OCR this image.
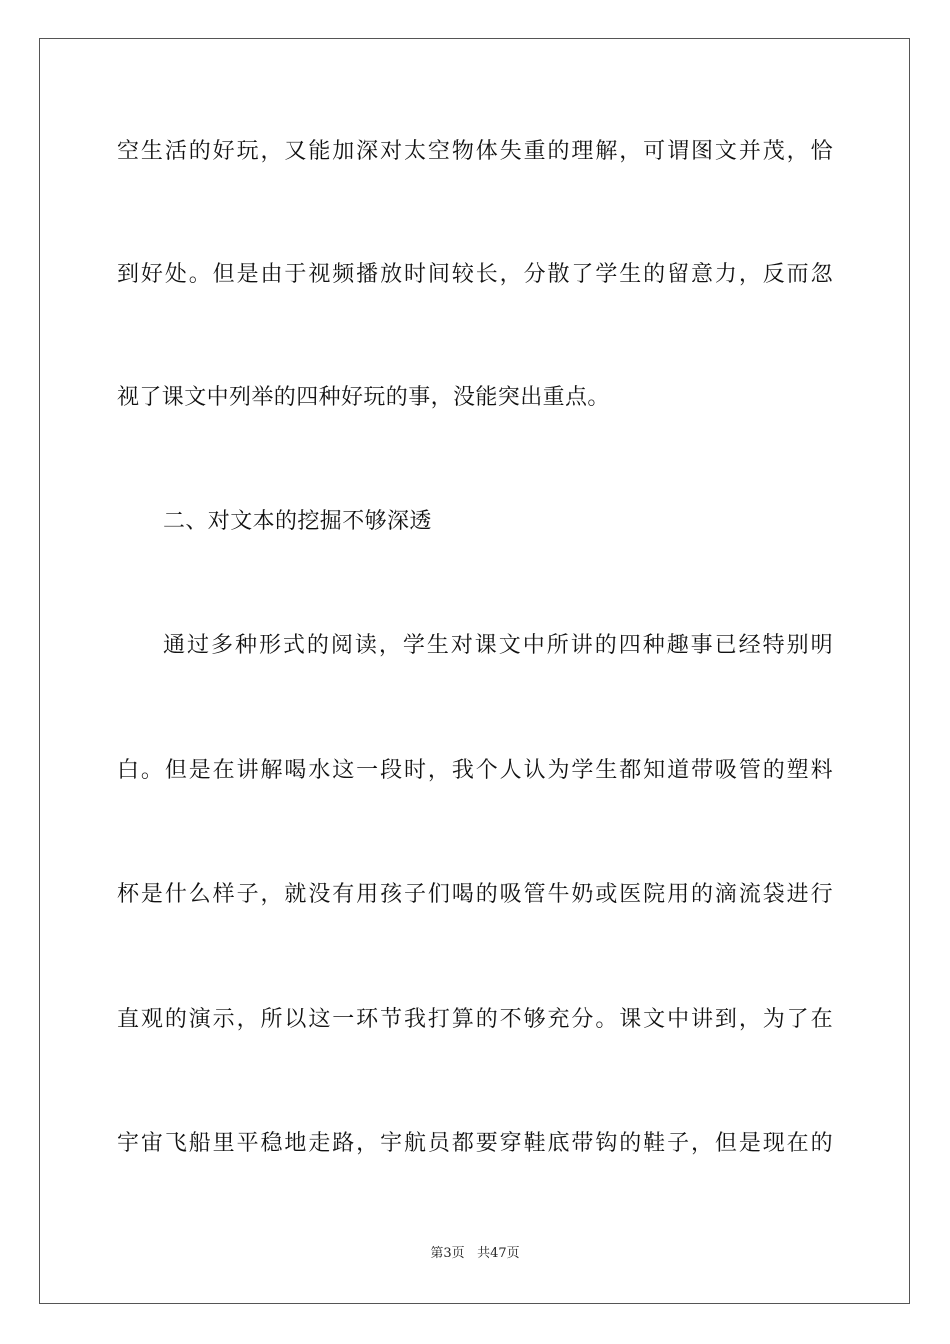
空生活的好玩，又能加深对太空物体失重的理解，可谓图文并茂，恰
到好处。但是由于视频播放时间较长，分散了学生的留意力，反而忽
视了课文中列举的四种好玩的事，没能突出重点。
二、对文本的挖掘不够深透
通过多种形式的阅读，学生对课文中所讲的四种趣事已经特别明
白。但是在讲解喝水这一段时，我个人认为学生都知道带吸管的塑料
杯是什么样子，就没有用孩子们喝的吸管牛奶或医院用的滴流袋进行
直观的演示，所以这一环节我打算的不够充分。课文中讲到，为了在
宇宙飞船里平稳地走路，宇航员都要穿鞋底带钩的鞋子，但是现在的
第3页 共47页
